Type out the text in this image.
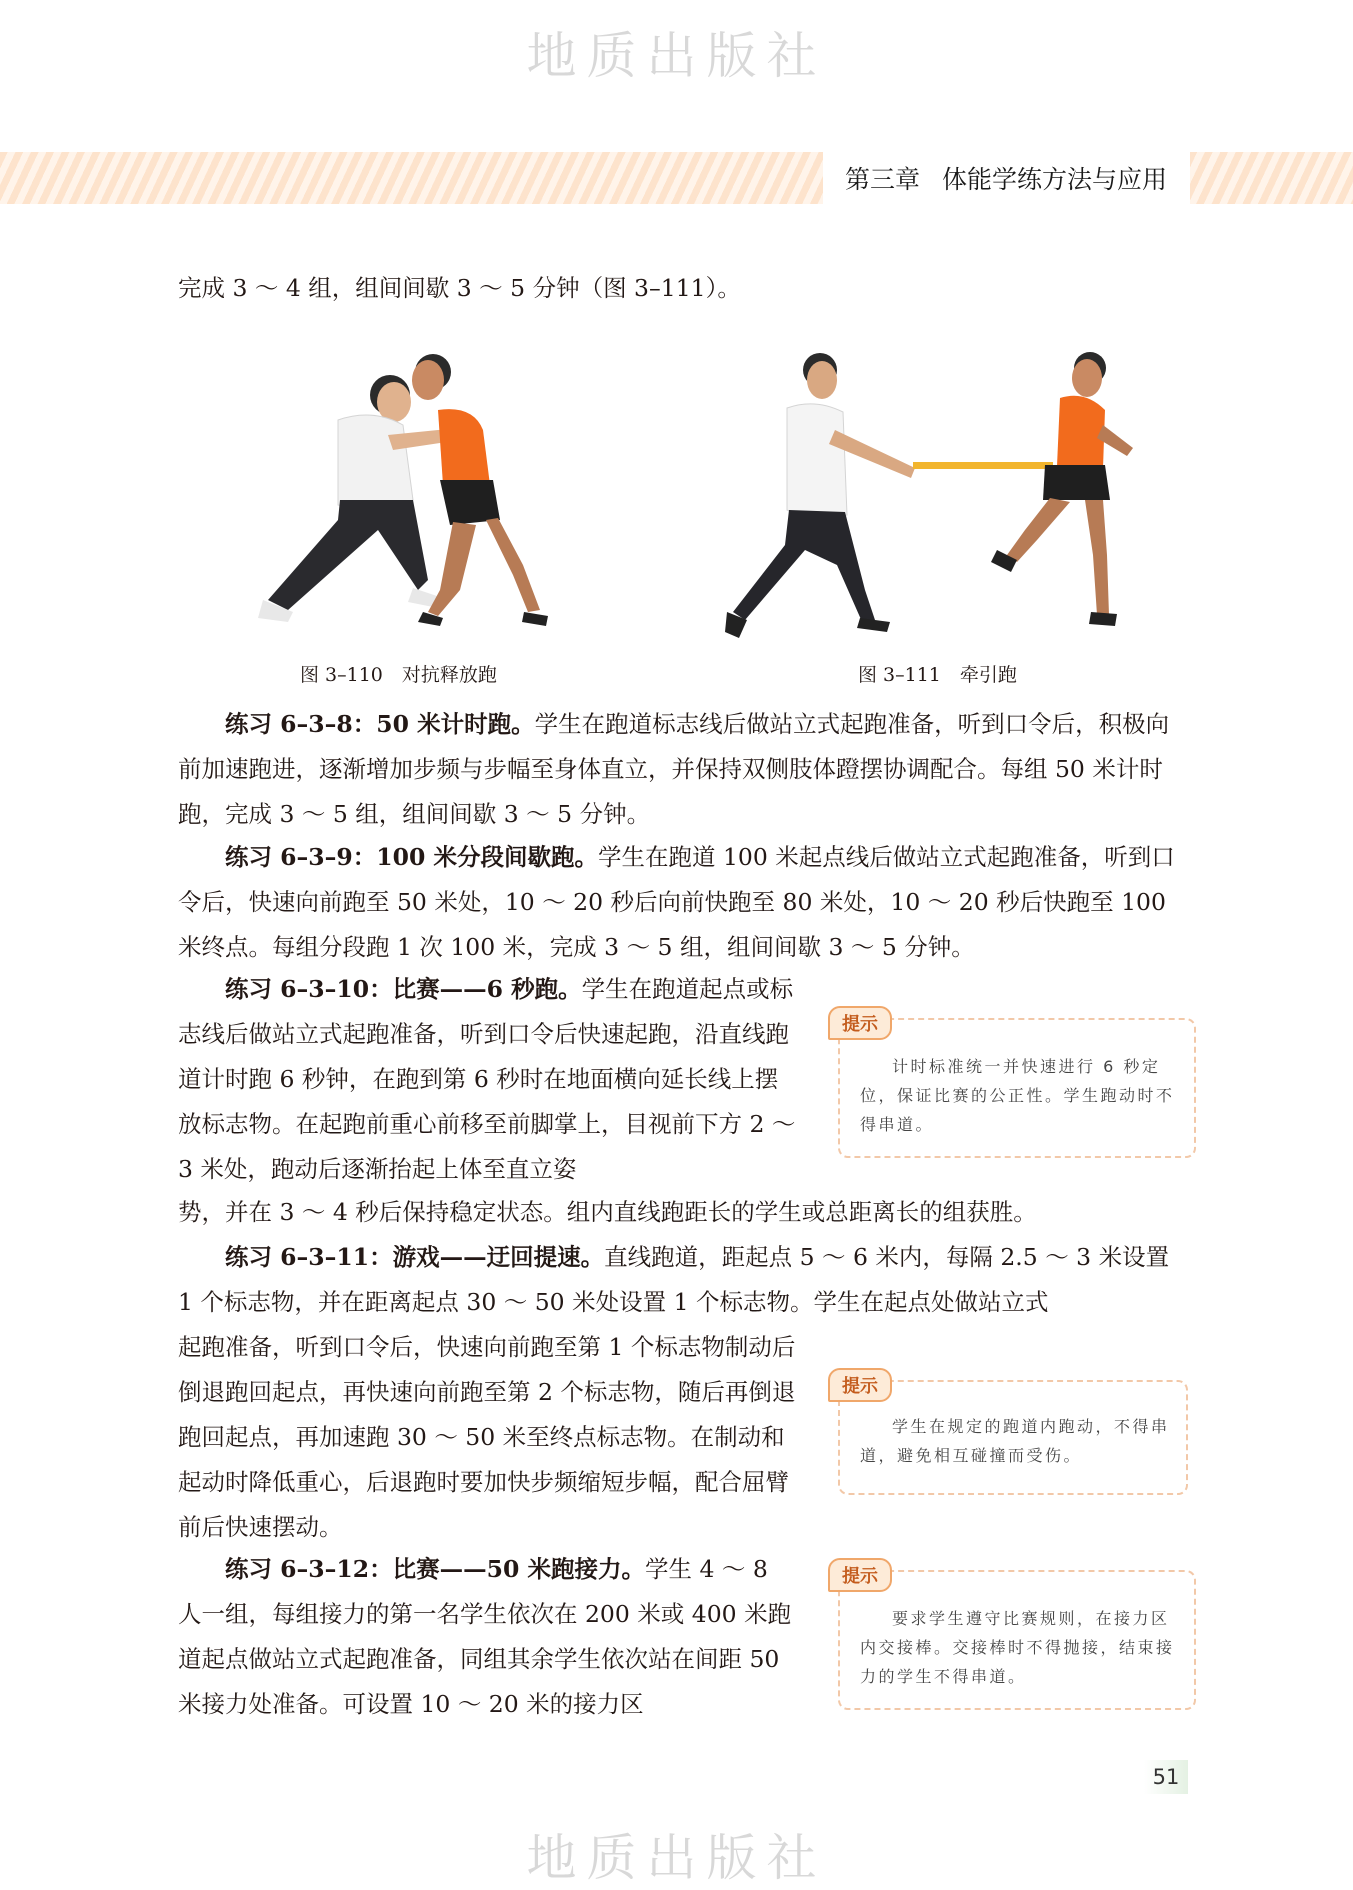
地质出版社
第三章 体能学练方法与应用

完成 3 ～ 4 组，组间间歇 3 ～ 5 分钟（图 3–111）。

图 3–110　对抗释放跑	图 3–111　牵引跑

练习 6–3–8：50 米计时跑。学生在跑道标志线后做站立式起跑准备，听到口令后，积极向前加速跑进，逐渐增加步频与步幅至身体直立，并保持双侧肢体蹬摆协调配合。每组 50 米计时跑，完成 3 ～ 5 组，组间间歇 3 ～ 5 分钟。

练习 6–3–9：100 米分段间歇跑。学生在跑道 100 米起点线后做站立式起跑准备，听到口令后，快速向前跑至 50 米处，10 ～ 20 秒后向前快跑至 80 米处，10 ～ 20 秒后快跑至 100 米终点。每组分段跑 1 次 100 米，完成 3 ～ 5 组，组间间歇 3 ～ 5 分钟。

练习 6–3–10：比赛——6 秒跑。学生在跑道起点或标志线后做站立式起跑准备，听到口令后快速起跑，沿直线跑道计时跑 6 秒钟，在跑到第 6 秒时在地面横向延长线上摆放标志物。在起跑前重心前移至前脚掌上，目视前下方 2 ～ 3 米处，跑动后逐渐抬起上体至直立姿

势，并在 3 ～ 4 秒后保持稳定状态。组内直线跑距长的学生或总距离长的组获胜。

提示
计时标准统一并快速进行 6 秒定位，保证比赛的公正性。学生跑动时不得串道。

练习 6–3–11：游戏——迂回提速。直线跑道，距起点 5 ～ 6 米内，每隔 2.5 ～ 3 米设置 1 个标志物，并在距离起点 30 ～ 50 米处设置 1 个标志物。学生在起点处做站立式

起跑准备，听到口令后，快速向前跑至第 1 个标志物制动后倒退跑回起点，再快速向前跑至第 2 个标志物，随后再倒退跑回起点，再加速跑 30 ～ 50 米至终点标志物。在制动和起动时降低重心，后退跑时要加快步频缩短步幅，配合屈臂前后快速摆动。

提示
学生在规定的跑道内跑动，不得串道，避免相互碰撞而受伤。

练习 6–3–12：比赛——50 米跑接力。学生 4 ～ 8 人一组，每组接力的第一名学生依次在 200 米或 400 米跑道起点做站立式起跑准备，同组其余学生依次站在间距 50 米接力处准备。可设置 10 ～ 20 米的接力区

提示
要求学生遵守比赛规则，在接力区内交接棒。交接棒时不得抛接，结束接力的学生不得串道。
51
地质出版社
